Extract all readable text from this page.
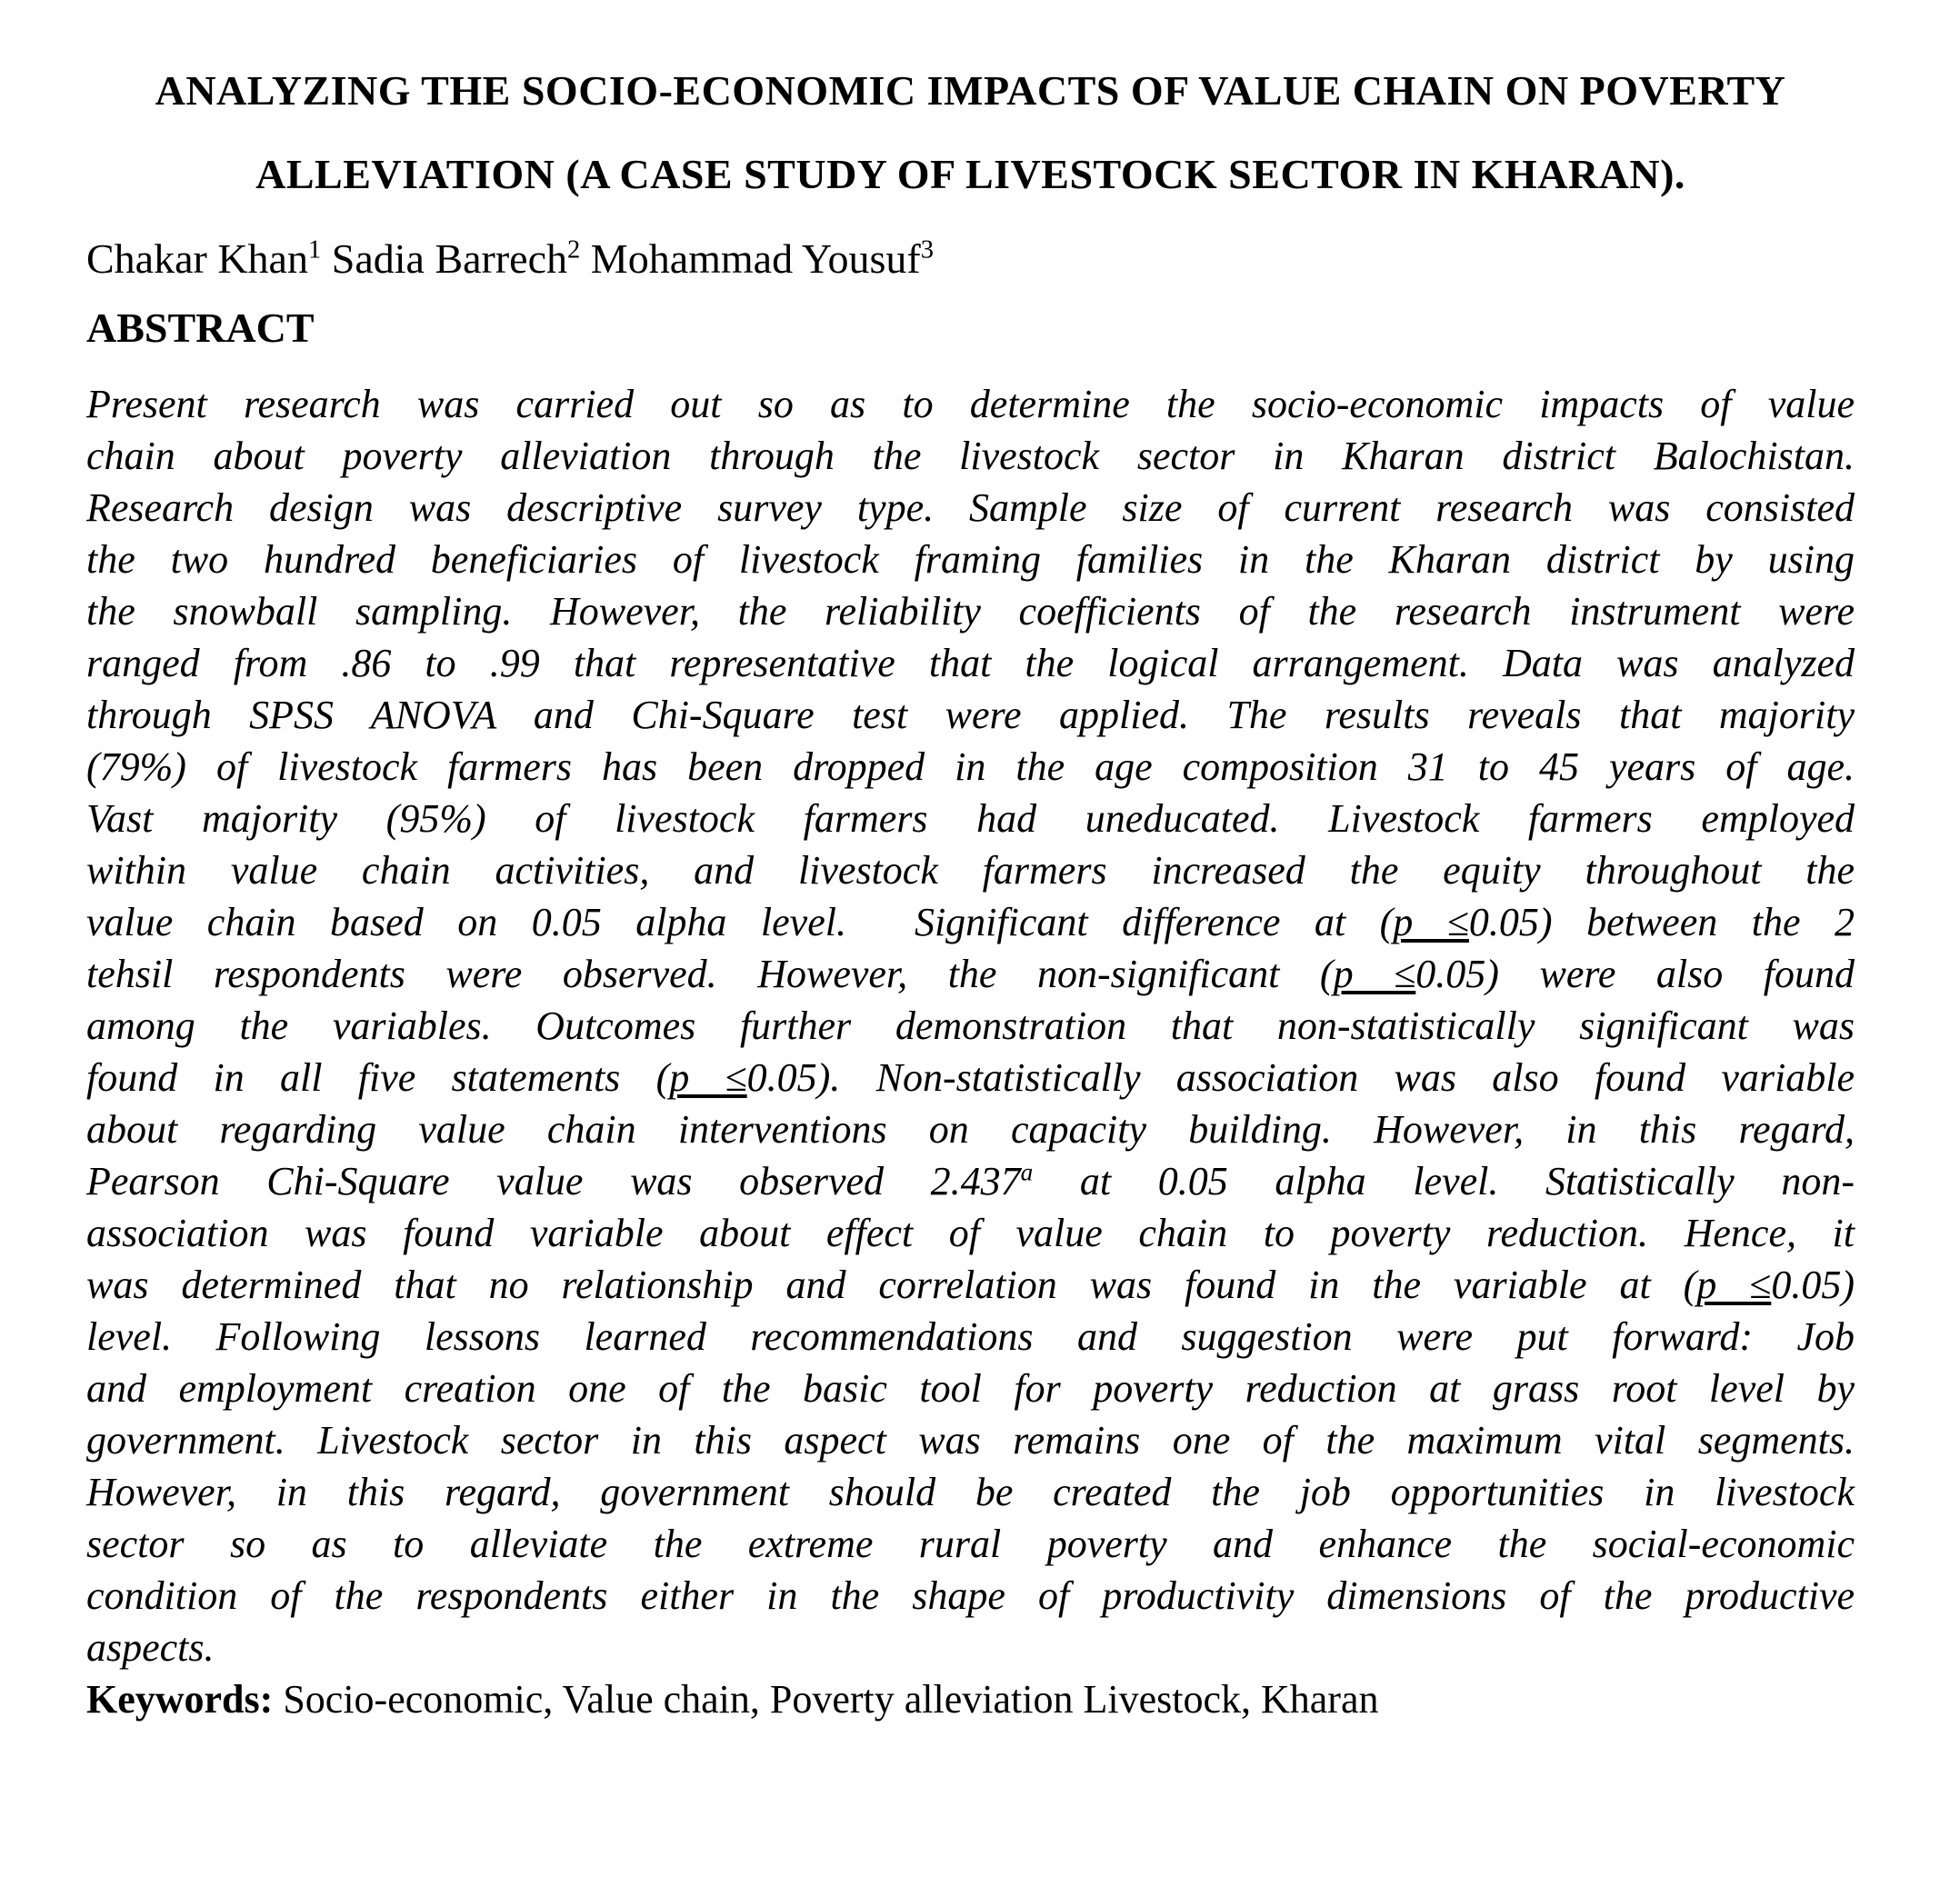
ANALYZING THE SOCIO-ECONOMIC IMPACTS OF VALUE CHAIN ON POVERTY
ALLEVIATION (A CASE STUDY OF LIVESTOCK SECTOR IN KHARAN).
Chakar Khan$^1$ Sadia Barrech$^2$ Mohammad Yousuf$^3$
ABSTRACT
Present research was carried out so as to determine the socio-economic impacts of value
chain about poverty alleviation through the livestock sector in Kharan district Balochistan.
Research design was descriptive survey type. Sample size of current research was consisted
the two hundred beneficiaries of livestock framing families in the Kharan district by using
the snowball sampling. However, the reliability coefficients of the research instrument were
ranged from .86 to .99 that representative that the logical arrangement. Data was analyzed
through SPSS ANOVA and Chi-Square test were applied. The results reveals that majority
(79%) of livestock farmers has been dropped in the age composition 31 to 45 years of age.
Vast majority (95%) of livestock farmers had uneducated. Livestock farmers employed
within value chain activities, and livestock farmers increased the equity throughout the
value chain based on 0.05 alpha level.  Significant difference at (p ≤0.05) between the 2
tehsil respondents were observed. However, the non-significant (p ≤0.05) were also found
among the variables. Outcomes further demonstration that non-statistically significant was
found in all five statements (p ≤0.05). Non-statistically association was also found variable
about regarding value chain interventions on capacity building. However, in this regard,
Pearson Chi-Square value was observed 2.437$^a$ at 0.05 alpha level. Statistically non-
association was found variable about effect of value chain to poverty reduction. Hence, it
was determined that no relationship and correlation was found in the variable at (p ≤0.05)
level. Following lessons learned recommendations and suggestion were put forward: Job
and employment creation one of the basic tool for poverty reduction at grass root level by
government. Livestock sector in this aspect was remains one of the maximum vital segments.
However, in this regard, government should be created the job opportunities in livestock
sector so as to alleviate the extreme rural poverty and enhance the social-economic
condition of the respondents either in the shape of productivity dimensions of the productive
aspects.
Keywords: Socio-economic, Value chain, Poverty alleviation Livestock, Kharan
